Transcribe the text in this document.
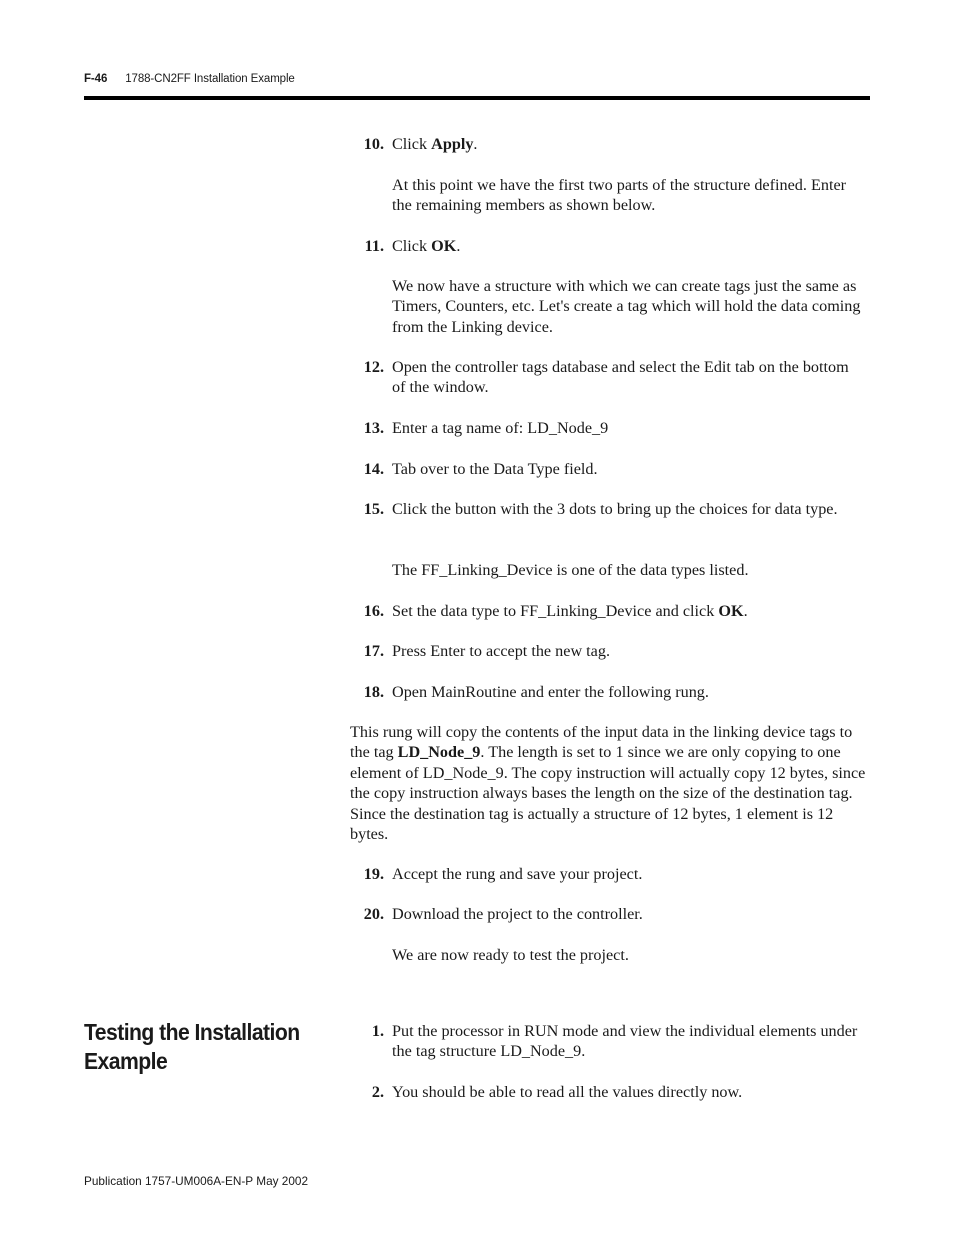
F-46 1788-CN2FF Installation Example
10. Click Apply.
At this point we have the first two parts of the structure defined. Enter the remaining members as shown below.
11. Click OK.
We now have a structure with which we can create tags just the same as Timers, Counters, etc. Let's create a tag which will hold the data coming from the Linking device.
12. Open the controller tags database and select the Edit tab on the bottom of the window.
13. Enter a tag name of: LD_Node_9
14. Tab over to the Data Type field.
15. Click the button with the 3 dots to bring up the choices for data type.
The FF_Linking_Device is one of the data types listed.
16. Set the data type to FF_Linking_Device and click OK.
17. Press Enter to accept the new tag.
18. Open MainRoutine and enter the following rung.
This rung will copy the contents of the input data in the linking device tags to the tag LD_Node_9. The length is set to 1 since we are only copying to one element of LD_Node_9. The copy instruction will actually copy 12 bytes, since the copy instruction always bases the length on the size of the destination tag. Since the destination tag is actually a structure of 12 bytes, 1 element is 12 bytes.
19. Accept the rung and save your project.
20. Download the project to the controller.
We are now ready to test the project.
Testing the Installation Example
1. Put the processor in RUN mode and view the individual elements under the tag structure LD_Node_9.
2. You should be able to read all the values directly now.
Publication 1757-UM006A-EN-P May 2002
